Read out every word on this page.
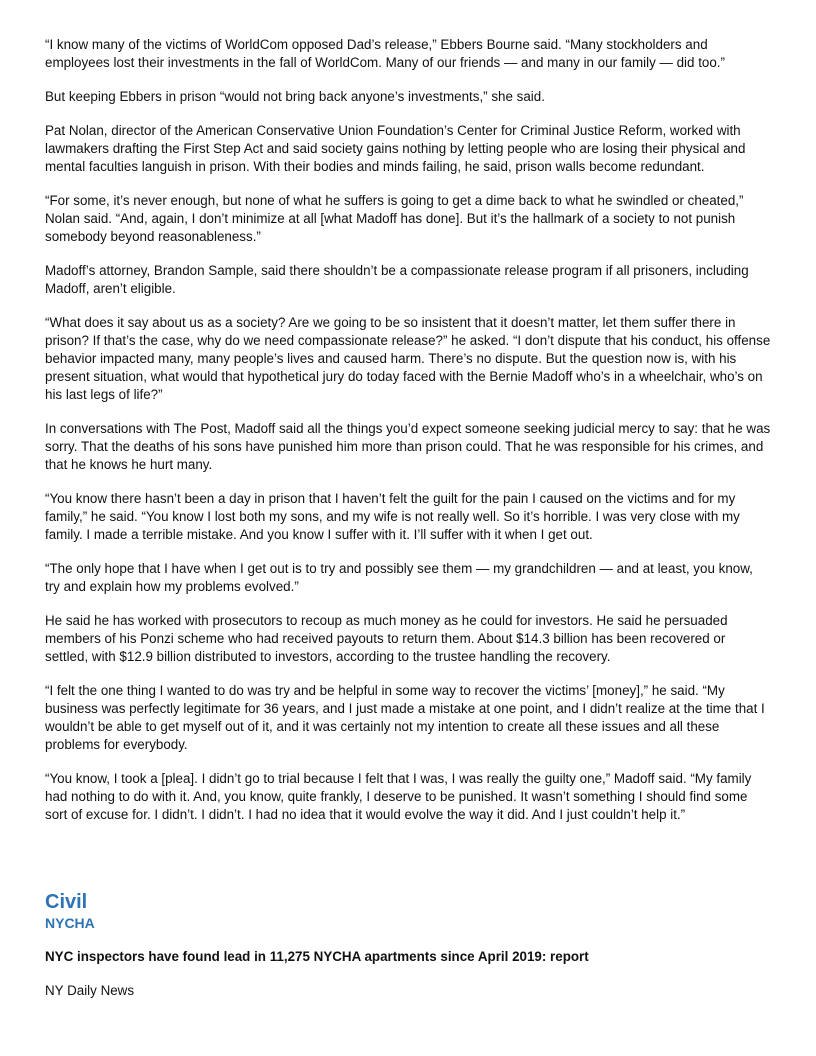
“I know many of the victims of WorldCom opposed Dad’s release,” Ebbers Bourne said. “Many stockholders and employees lost their investments in the fall of WorldCom. Many of our friends — and many in our family — did too.”

But keeping Ebbers in prison “would not bring back anyone’s investments,” she said.

Pat Nolan, director of the American Conservative Union Foundation’s Center for Criminal Justice Reform, worked with lawmakers drafting the First Step Act and said society gains nothing by letting people who are losing their physical and mental faculties languish in prison. With their bodies and minds failing, he said, prison walls become redundant.

“For some, it’s never enough, but none of what he suffers is going to get a dime back to what he swindled or cheated,” Nolan said. “And, again, I don’t minimize at all [what Madoff has done]. But it’s the hallmark of a society to not punish somebody beyond reasonableness.”

Madoff’s attorney, Brandon Sample, said there shouldn’t be a compassionate release program if all prisoners, including Madoff, aren’t eligible.

“What does it say about us as a society? Are we going to be so insistent that it doesn’t matter, let them suffer there in prison? If that’s the case, why do we need compassionate release?” he asked. “I don’t dispute that his conduct, his offense behavior impacted many, many people’s lives and caused harm. There’s no dispute. But the question now is, with his present situation, what would that hypothetical jury do today faced with the Bernie Madoff who’s in a wheelchair, who’s on his last legs of life?”

In conversations with The Post, Madoff said all the things you’d expect someone seeking judicial mercy to say: that he was sorry. That the deaths of his sons have punished him more than prison could. That he was responsible for his crimes, and that he knows he hurt many.

“You know there hasn’t been a day in prison that I haven’t felt the guilt for the pain I caused on the victims and for my family,” he said. “You know I lost both my sons, and my wife is not really well. So it’s horrible. I was very close with my family. I made a terrible mistake. And you know I suffer with it. I’ll suffer with it when I get out.

“The only hope that I have when I get out is to try and possibly see them — my grandchildren — and at least, you know, try and explain how my problems evolved.”

He said he has worked with prosecutors to recoup as much money as he could for investors. He said he persuaded members of his Ponzi scheme who had received payouts to return them. About $14.3 billion has been recovered or settled, with $12.9 billion distributed to investors, according to the trustee handling the recovery.

“I felt the one thing I wanted to do was try and be helpful in some way to recover the victims’ [money],” he said. “My business was perfectly legitimate for 36 years, and I just made a mistake at one point, and I didn’t realize at the time that I wouldn’t be able to get myself out of it, and it was certainly not my intention to create all these issues and all these problems for everybody.

“You know, I took a [plea]. I didn’t go to trial because I felt that I was, I was really the guilty one,” Madoff said. “My family had nothing to do with it. And, you know, quite frankly, I deserve to be punished. It wasn’t something I should find some sort of excuse for. I didn’t. I didn’t. I had no idea that it would evolve the way it did. And I just couldn’t help it.”

Civil
NYCHA

NYC inspectors have found lead in 11,275 NYCHA apartments since April 2019: report

NY Daily News
